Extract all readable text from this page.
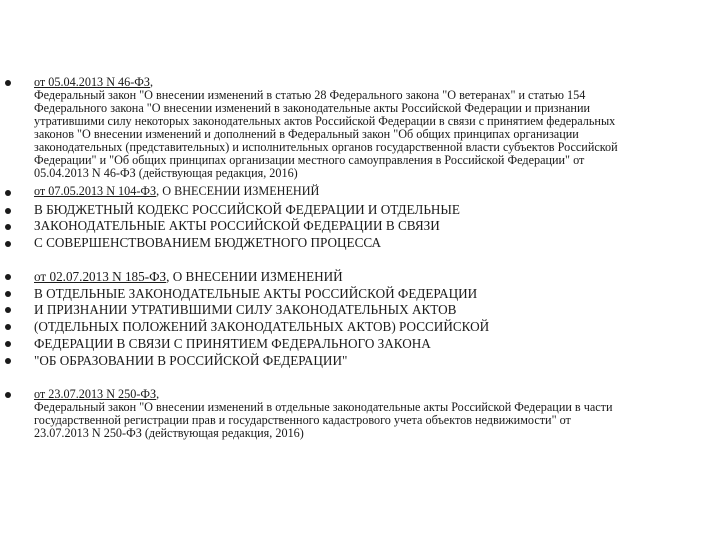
от 05.04.2013 N 46-ФЗ,
Федеральный закон "О внесении изменений в статью 28 Федерального закона "О ветеранах" и статью 154
Федерального закона "О внесении изменений в законодательные акты Российской Федерации и признании
утратившими силу некоторых законодательных актов Российской Федерации в связи с принятием федеральных
законов "О внесении изменений и дополнений в Федеральный закон "Об общих принципах организации
законодательных (представительных) и исполнительных органов государственной власти субъектов Российской
Федерации" и "Об общих принципах организации местного самоуправления в Российской Федерации" от
05.04.2013 N 46-ФЗ (действующая редакция, 2016)
от 07.05.2013 N 104-ФЗ, О ВНЕСЕНИИ ИЗМЕНЕНИЙ
В БЮДЖЕТНЫЙ КОДЕКС РОССИЙСКОЙ ФЕДЕРАЦИИ И ОТДЕЛЬНЫЕ
ЗАКОНОДАТЕЛЬНЫЕ АКТЫ РОССИЙСКОЙ ФЕДЕРАЦИИ В СВЯЗИ
С СОВЕРШЕНСТВОВАНИЕМ БЮДЖЕТНОГО ПРОЦЕССА
от 02.07.2013 N 185-ФЗ, О ВНЕСЕНИИ ИЗМЕНЕНИЙ
В ОТДЕЛЬНЫЕ ЗАКОНОДАТЕЛЬНЫЕ АКТЫ РОССИЙСКОЙ ФЕДЕРАЦИИ
И ПРИЗНАНИИ УТРАТИВШИМИ СИЛУ ЗАКОНОДАТЕЛЬНЫХ АКТОВ
(ОТДЕЛЬНЫХ ПОЛОЖЕНИЙ ЗАКОНОДАТЕЛЬНЫХ АКТОВ) РОССИЙСКОЙ
ФЕДЕРАЦИИ В СВЯЗИ С ПРИНЯТИЕМ ФЕДЕРАЛЬНОГО ЗАКОНА
"ОБ ОБРАЗОВАНИИ В РОССИЙСКОЙ ФЕДЕРАЦИИ"
от 23.07.2013 N 250-ФЗ,
Федеральный закон "О внесении изменений в отдельные законодательные акты Российской Федерации в части
государственной регистрации прав и государственного кадастрового учета объектов недвижимости" от
23.07.2013 N 250-ФЗ (действующая редакция, 2016)
